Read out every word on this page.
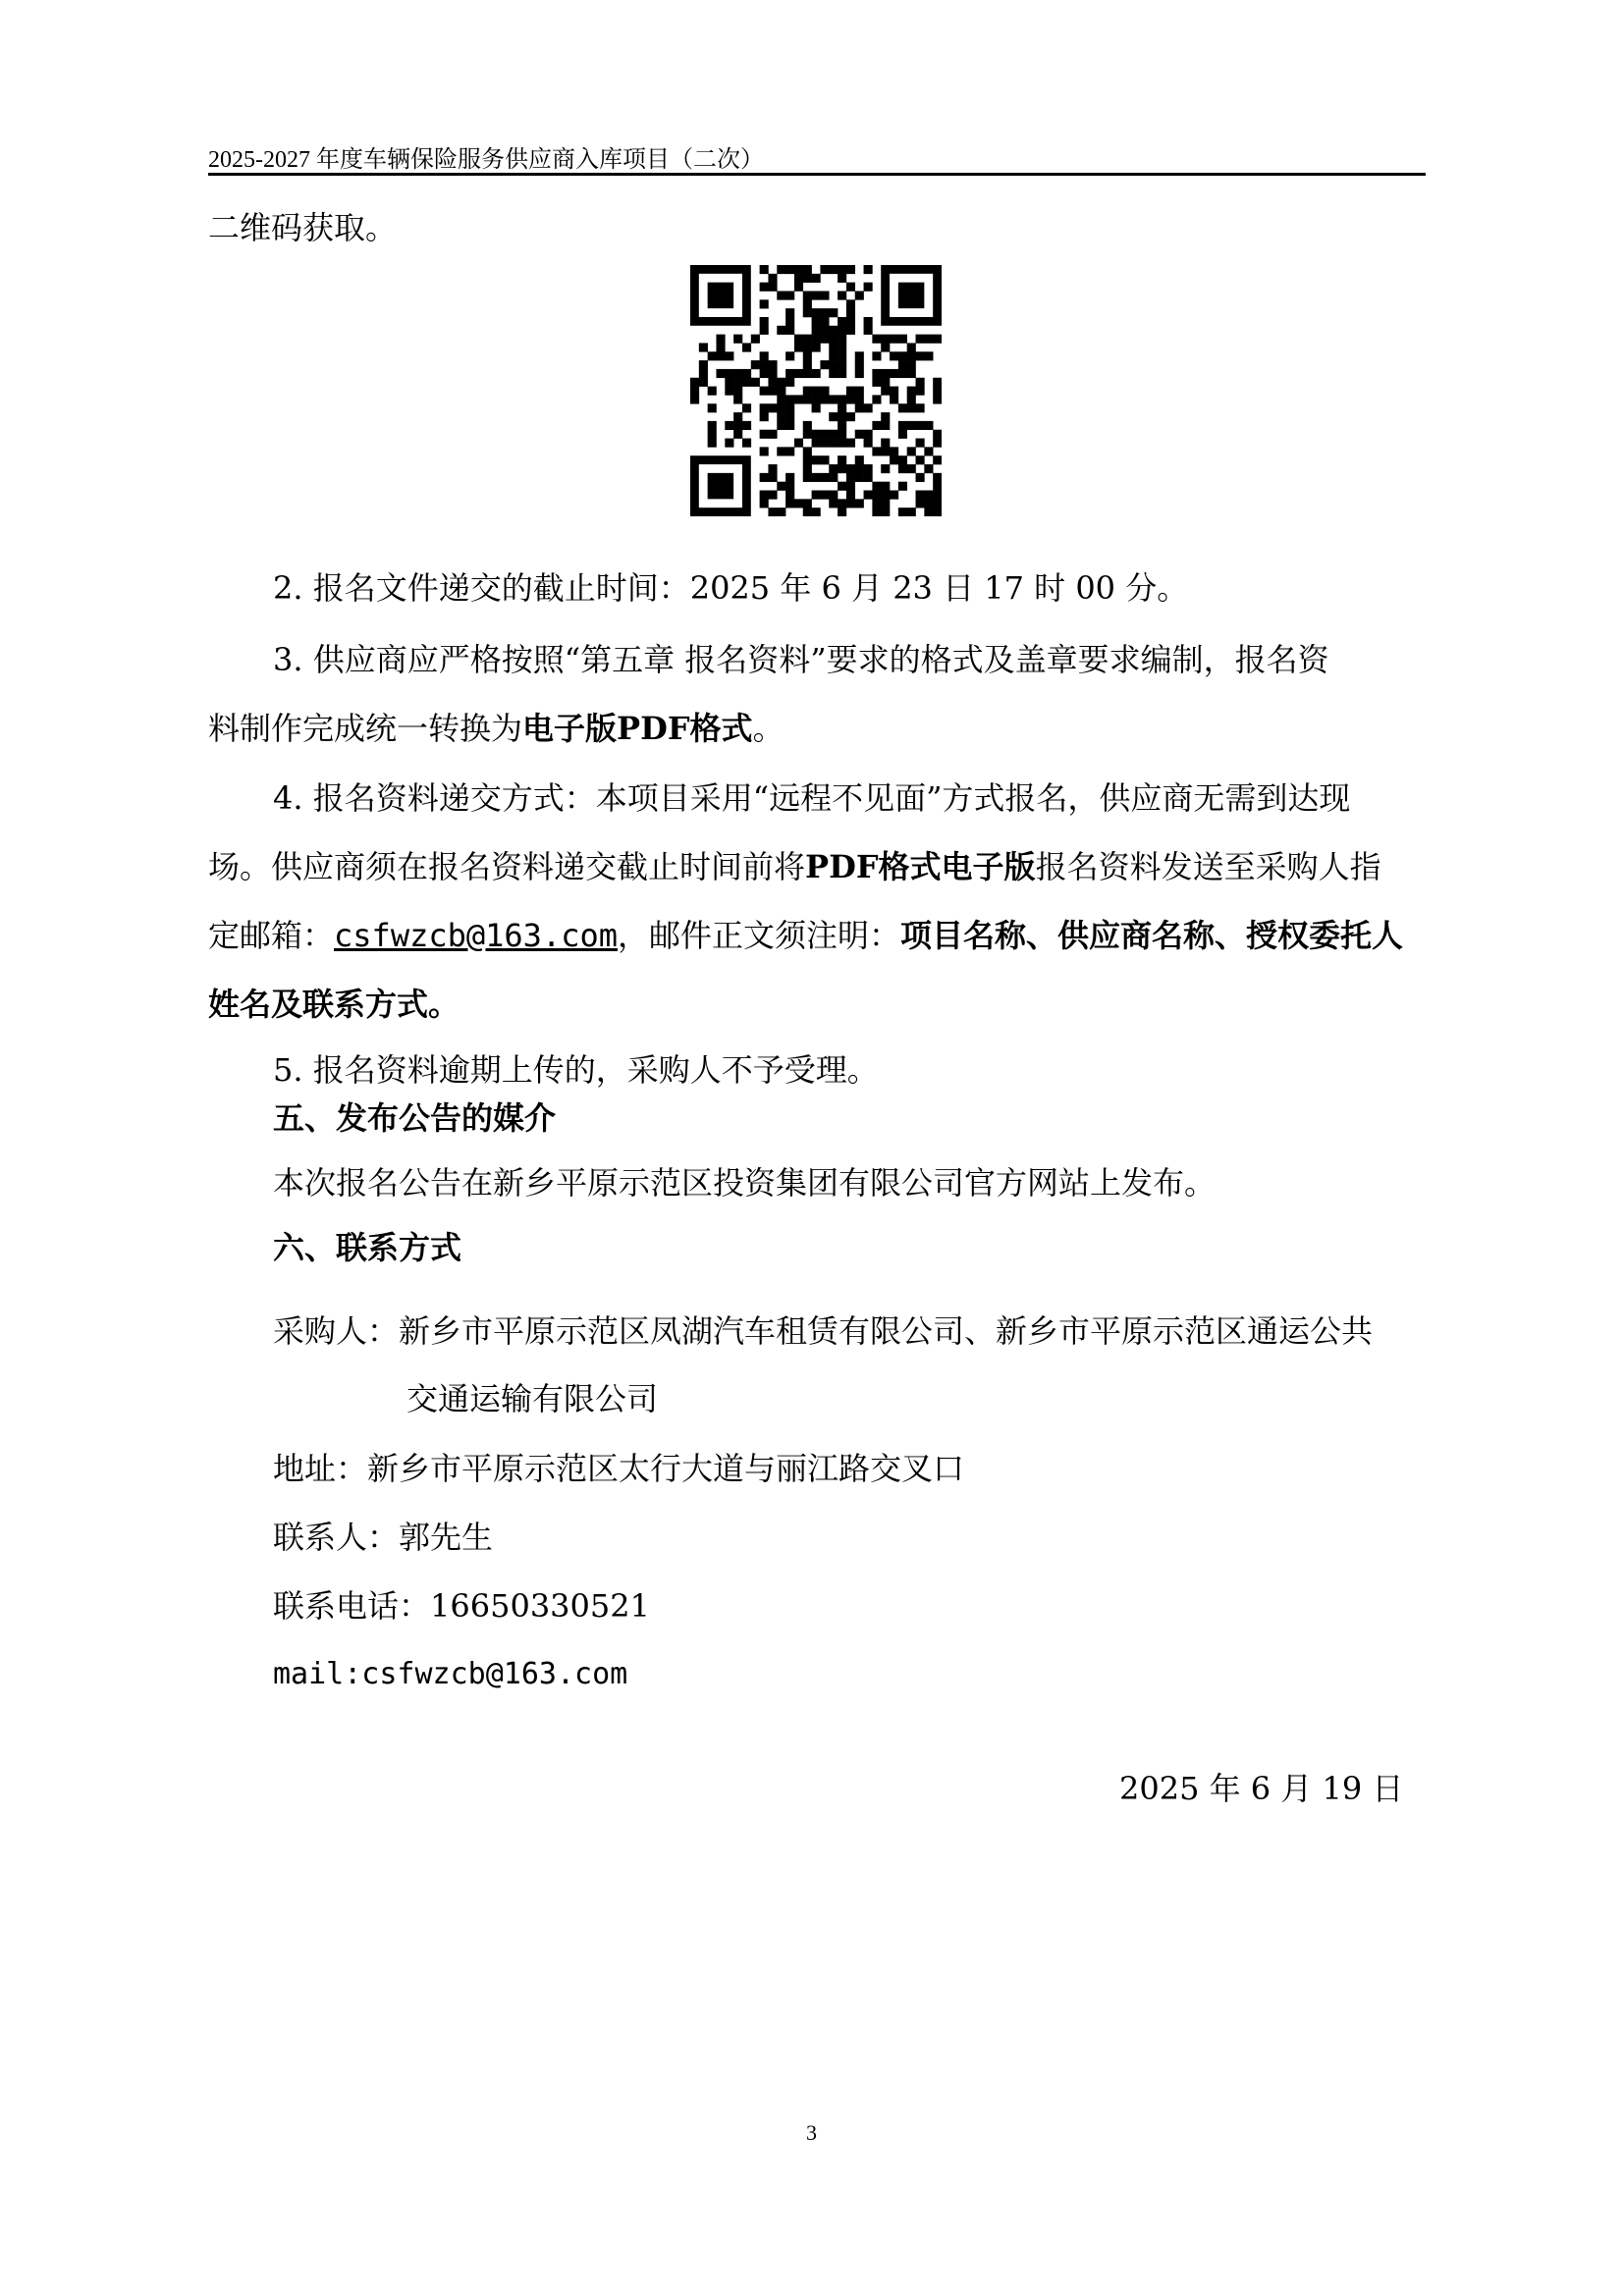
2025-2027 年度车辆保险服务供应商入库项目（二次）
二维码获取。
2. 报名文件递交的截止时间：2025 年 6 月 23 日 17 时 00 分。
3. 供应商应严格按照“第五章 报名资料”要求的格式及盖章要求编制，报名资
料制作完成统一转换为电子版PDF格式。
4. 报名资料递交方式：本项目采用“远程不见面”方式报名，供应商无需到达现
场。供应商须在报名资料递交截止时间前将PDF格式电子版报名资料发送至采购人指
定邮箱：csfwzcb@163.com，邮件正文须注明：项目名称、供应商名称、授权委托人
姓名及联系方式。
5. 报名资料逾期上传的，采购人不予受理。
五、发布公告的媒介
本次报名公告在新乡平原示范区投资集团有限公司官方网站上发布。
六、联系方式
采购人：新乡市平原示范区凤湖汽车租赁有限公司、新乡市平原示范区通运公共
交通运输有限公司
地址：新乡市平原示范区太行大道与丽江路交叉口
联系人：郭先生
联系电话：16650330521
mail:csfwzcb@163.com
2025 年 6 月 19 日
3
